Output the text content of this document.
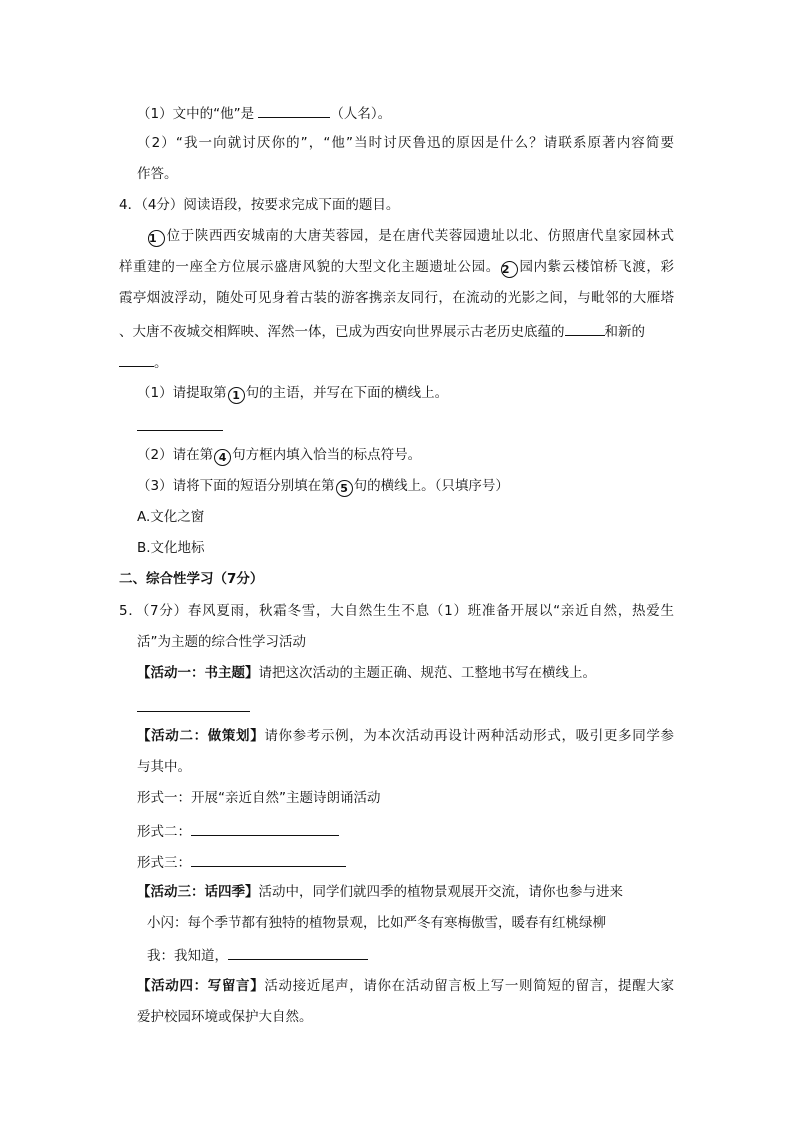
（1）文中的“他”是	（人名）。
（2）“我一向就讨厌你的”，“他”当时讨厌鲁迅的原因是什么？请联系原著内容简要
作答。
4．（4分）阅读语段，按要求完成下面的题目。
1 位于陕西西安城南的大唐芙蓉园，是在唐代芙蓉园遗址以北、仿照唐代皇家园林式
样重建的一座全方位展示盛唐风貌的大型文化主题遗址公园。 2 园内紫云楼馆桥飞渡，彩
霞亭烟波浮动，随处可见身着古装的游客携亲友同行，在流动的光影之间，与毗邻的大雁塔
、大唐不夜城交相辉映、浑然一体，已成为西安向世界展示古老历史底蕴的	和新的
。
（1）请提取第 1 句的主语，并写在下面的横线上。
（2）请在第 4 句方框内填入恰当的标点符号。
（3）请将下面的短语分别填在第 5 句的横线上。（只填序号）
A.文化之窗
B.文化地标
二、综合性学习（7分）
5．（7分）春风夏雨，秋霜冬雪，大自然生生不息（1）班准备开展以“亲近自然，热爱生
活”为主题的综合性学习活动
【活动一：书主题】请把这次活动的主题正确、规范、工整地书写在横线上。
【活动二：做策划】请你参考示例，为本次活动再设计两种活动形式，吸引更多同学参
与其中。
形式一：开展“亲近自然”主题诗朗诵活动
形式二：
形式三：
【活动三：话四季】活动中，同学们就四季的植物景观展开交流，请你也参与进来
小闪：每个季节都有独特的植物景观，比如严冬有寒梅傲雪，暖春有红桃绿柳
我：我知道，
【活动四：写留言】活动接近尾声，请你在活动留言板上写一则简短的留言，提醒大家
爱护校园环境或保护大自然。
